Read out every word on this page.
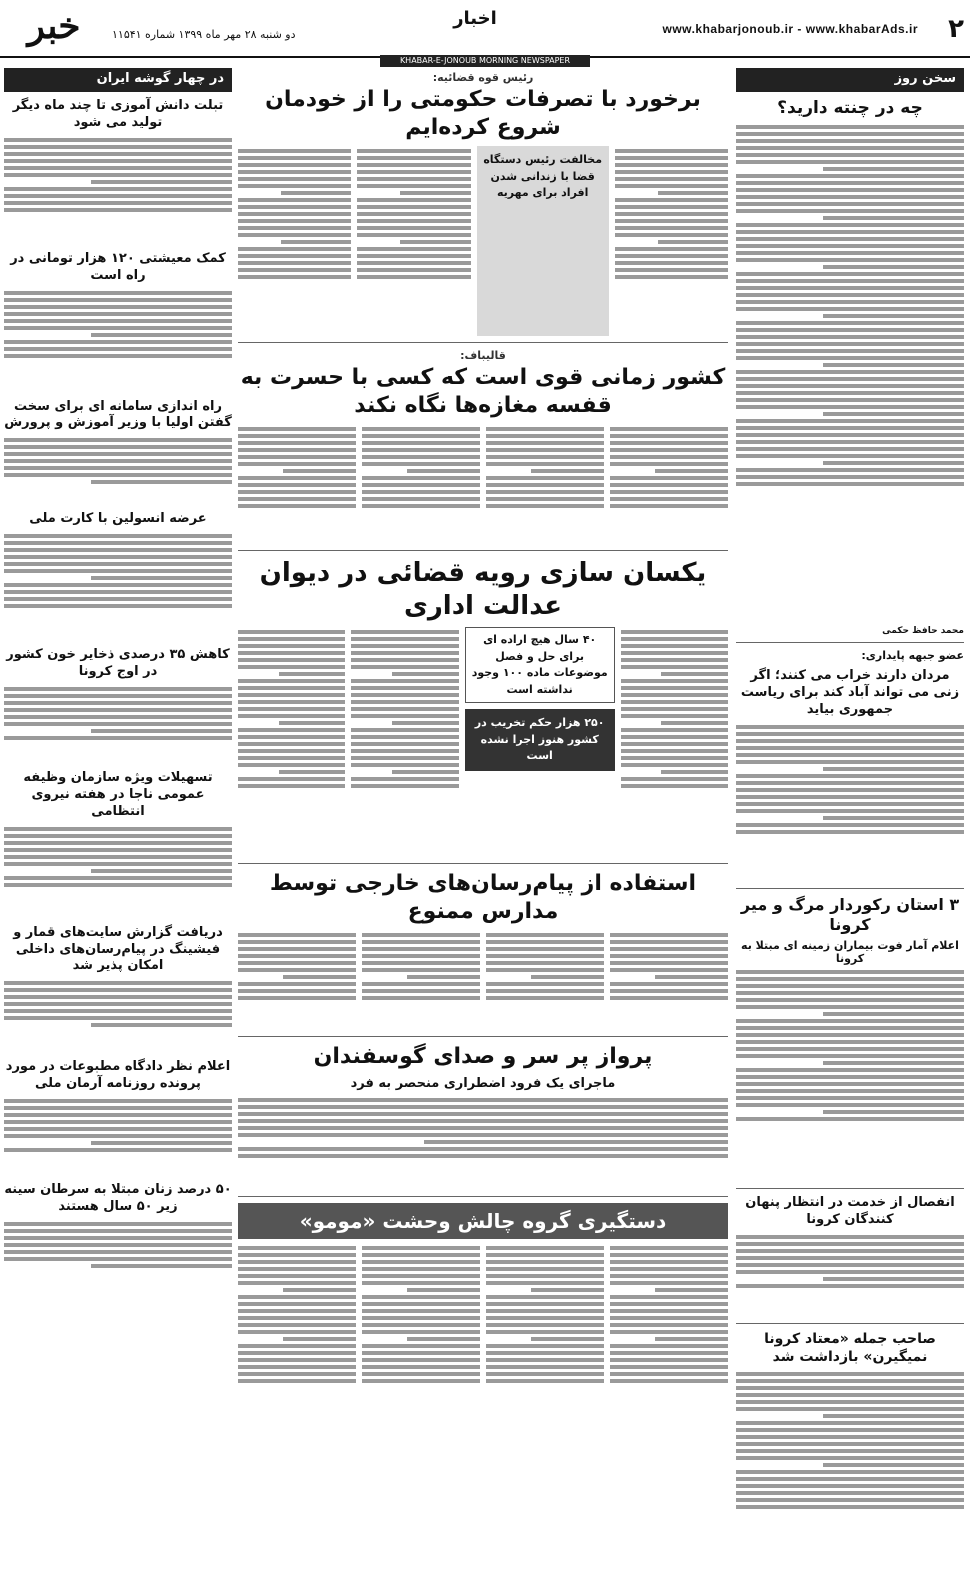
۲
www.khabarjonoub.ir - www.khabarAds.ir
اخبار
دو شنبه ۲۸ مهر ماه ۱۳۹۹ شماره ۱۱۵۴۱
خبر
KHABAR-E-JONOUB MORNING NEWSPAPER
سخن روز
چه در چنته دارید؟
محمد حافظ حکمی
عضو جبهه پایداری:
مردان دارند خراب می کنند؛ اگر زنی می تواند آباد کند برای ریاست جمهوری بیاید
۳ استان رکوردار مرگ و میر کرونا
اعلام آمار فوت بیماران زمینه ای مبتلا به کرونا
انفصال از خدمت در انتظار پنهان کنندگان کرونا
صاحب جمله «معتاد کرونا نمیگیرن» بازداشت شد
در چهار گوشه ایران
تبلت دانش آموزی تا چند ماه دیگر تولید می شود
کمک معیشتی ۱۲۰ هزار تومانی در راه است
راه اندازی سامانه ای برای سخت گفتن اولیا با وزیر آموزش و پرورش
عرضه انسولین با کارت ملی
کاهش ۳۵ درصدی ذخایر خون کشور در اوج کرونا
تسهیلات ویژه سازمان وظیفه عمومی ناجا در هفته نیروی انتظامی
دریافت گزارش سایت‌های قمار و فیشینگ در پیام‌رسان‌های داخلی امکان پذیر شد
اعلام نظر دادگاه مطبوعات در مورد پرونده روزنامه آرمان ملی
۵۰ درصد زنان مبتلا به سرطان سینه زیر ۵۰ سال هستند
رئیس قوه قضائیه:
برخورد با تصرفات حکومتی را از خودمان شروع کرده‌ایم
مخالفت رئیس دستگاه قضا با زندانی شدن افراد برای مهریه
قالیباف:
کشور زمانی قوی است که کسی با حسرت به قفسه مغازه‌ها نگاه نکند
یکسان سازی رویه قضائی در دیوان عدالت اداری
۴۰ سال هیچ اراده ای برای حل و فصل موضوعات ماده ۱۰۰ وجود نداشته است
۲۵۰ هزار حکم تخریب در کشور هنوز اجرا نشده است
استفاده از پیام‌رسان‌های خارجی توسط مدارس ممنوع
پرواز پر سر و صدای گوسفندان
ماجرای یک فرود اضطراری منحصر به فرد
دستگیری گروه چالش وحشت «مومو»
